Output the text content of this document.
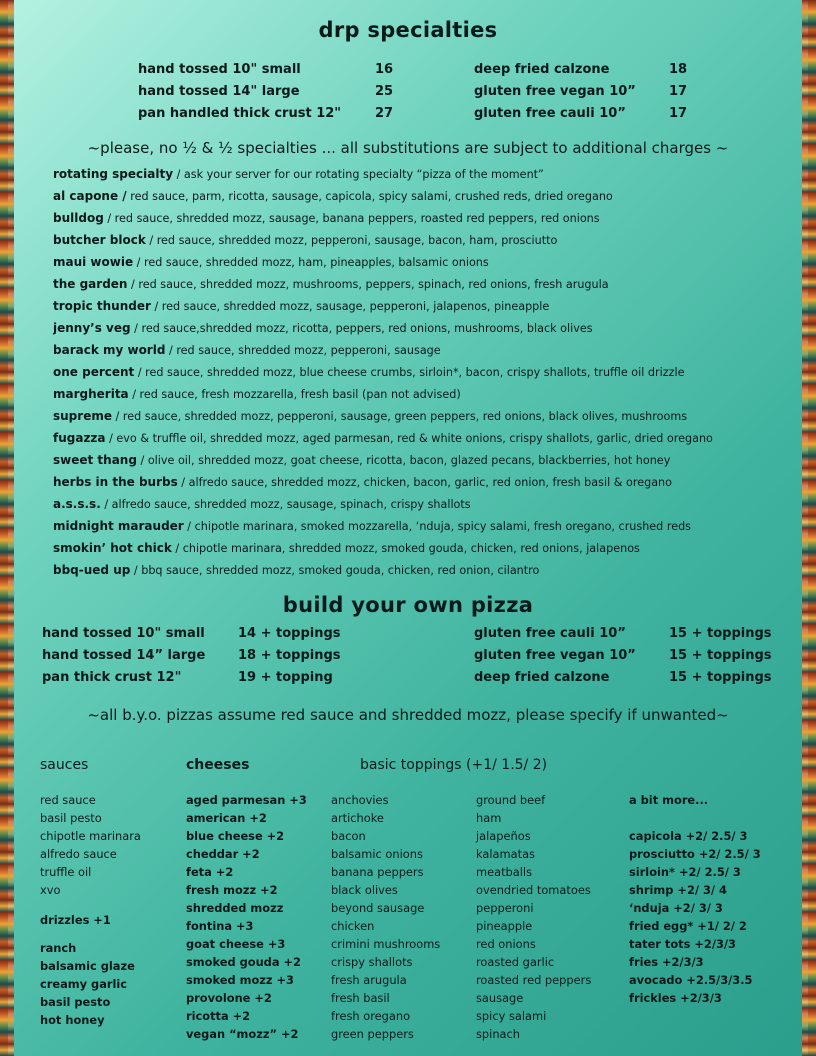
drp specialties
hand tossed 10" small	16
hand tossed 14" large	25
pan handled thick crust 12"	27
deep fried calzone	18
gluten free vegan 10”	17
gluten free cauli 10”	17
~please, no ½ & ½ specialties ... all substitutions are subject to additional charges ~
rotating specialty / ask your server for our rotating specialty “pizza of the moment”
al capone / red sauce, parm, ricotta, sausage, capicola, spicy salami, crushed reds, dried oregano
bulldog / red sauce, shredded mozz, sausage, banana peppers, roasted red peppers, red onions
butcher block / red sauce, shredded mozz, pepperoni, sausage, bacon, ham, prosciutto
maui wowie / red sauce, shredded mozz, ham, pineapples, balsamic onions
the garden / red sauce, shredded mozz, mushrooms, peppers, spinach, red onions, fresh arugula
tropic thunder / red sauce, shredded mozz, sausage, pepperoni, jalapenos, pineapple
jenny’s veg / red sauce,shredded mozz, ricotta, peppers, red onions, mushrooms, black olives
barack my world / red sauce, shredded mozz, pepperoni, sausage
one percent / red sauce, shredded mozz, blue cheese crumbs, sirloin*, bacon, crispy shallots, truffle oil drizzle
margherita / red sauce, fresh mozzarella, fresh basil (pan not advised)
supreme / red sauce, shredded mozz, pepperoni, sausage, green peppers, red onions, black olives, mushrooms
fugazza / evo & truffle oil, shredded mozz, aged parmesan, red & white onions, crispy shallots, garlic, dried oregano
sweet thang / olive oil, shredded mozz, goat cheese, ricotta, bacon, glazed pecans, blackberries, hot honey
herbs in the burbs / alfredo sauce, shredded mozz, chicken, bacon, garlic, red onion, fresh basil & oregano
a.s.s.s. / alfredo sauce, shredded mozz, sausage, spinach, crispy shallots
midnight marauder / chipotle marinara, smoked mozzarella, ‘nduja, spicy salami, fresh oregano, crushed reds
smokin’ hot chick / chipotle marinara, shredded mozz, smoked gouda, chicken, red onions, jalapenos
bbq-ued up / bbq sauce, shredded mozz, smoked gouda, chicken, red onion, cilantro
build your own pizza
hand tossed 10" small	14 + toppings
hand tossed 14” large	18 + toppings
pan thick crust 12"	19 + topping
gluten free cauli 10”	15 + toppings
gluten free vegan 10”	15 + toppings
deep fried calzone	15 + toppings
~all b.y.o. pizzas assume red sauce and shredded mozz, please specify if unwanted~
sauces
red sauce
basil pesto
chipotle marinara
alfredo sauce
truffle oil
xvo
drizzles +1
ranch
balsamic glaze
creamy garlic
basil pesto
hot honey
cheeses
aged parmesan +3
american +2
blue cheese +2
cheddar +2
feta +2
fresh mozz +2
shredded mozz
fontina +3
goat cheese +3
smoked gouda +2
smoked mozz +3
provolone +2
ricotta +2
vegan “mozz” +2
basic toppings (+1/ 1.5/ 2)
anchovies
artichoke
bacon
balsamic onions
banana peppers
black olives
beyond sausage
chicken
crimini mushrooms
crispy shallots
fresh arugula
fresh basil
fresh oregano
green peppers
ground beef
ham
jalapeños
kalamatas
meatballs
ovendried tomatoes
pepperoni
pineapple
red onions
roasted garlic
roasted red peppers
sausage
spicy salami
spinach
a bit more...
capicola +2/ 2.5/ 3
prosciutto +2/ 2.5/ 3
sirloin* +2/ 2.5/ 3
shrimp +2/ 3/ 4
‘nduja +2/ 3/ 3
fried egg* +1/ 2/ 2
tater tots +2/3/3
fries +2/3/3
avocado +2.5/3/3.5
frickles +2/3/3
